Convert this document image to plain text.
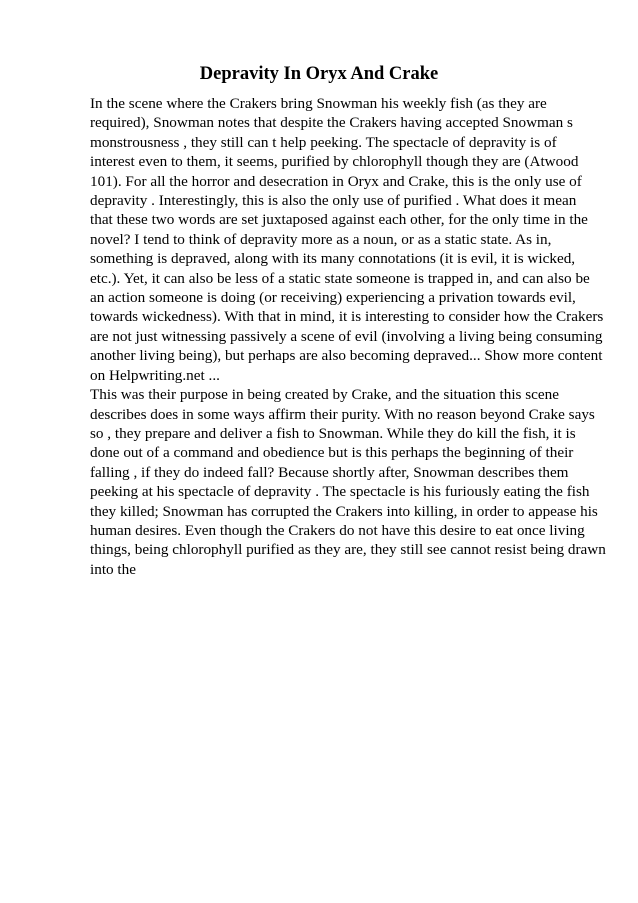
Depravity In Oryx And Crake

In the scene where the Crakers bring Snowman his weekly fish (as they are
required), Snowman notes that despite the Crakers having accepted Snowman s
monstrousness , they still can t help peeking. The spectacle of depravity is of
interest even to them, it seems, purified by chlorophyll though they are (Atwood
101). For all the horror and desecration in Oryx and Crake, this is the only use of
depravity . Interestingly, this is also the only use of purified . What does it mean
that these two words are set juxtaposed against each other, for the only time in the
novel? I tend to think of depravity more as a noun, or as a static state. As in,
something is depraved, along with its many connotations (it is evil, it is wicked,
etc.). Yet, it can also be less of a static state someone is trapped in, and can also be
an action someone is doing (or receiving) experiencing a privation towards evil,
towards wickedness). With that in mind, it is interesting to consider how the Crakers
are not just witnessing passively a scene of evil (involving a living being consuming
another living being), but perhaps are also becoming depraved... Show more content
on Helpwriting.net ...

This was their purpose in being created by Crake, and the situation this scene
describes does in some ways affirm their purity. With no reason beyond Crake says
so , they prepare and deliver a fish to Snowman. While they do kill the fish, it is
done out of a command and obedience but is this perhaps the beginning of their
falling , if they do indeed fall? Because shortly after, Snowman describes them
peeking at his spectacle of depravity . The spectacle is his furiously eating the fish
they killed; Snowman has corrupted the Crakers into killing, in order to appease his
human desires. Even though the Crakers do not have this desire to eat once living
things, being chlorophyll purified as they are, they still see cannot resist being drawn
into the
